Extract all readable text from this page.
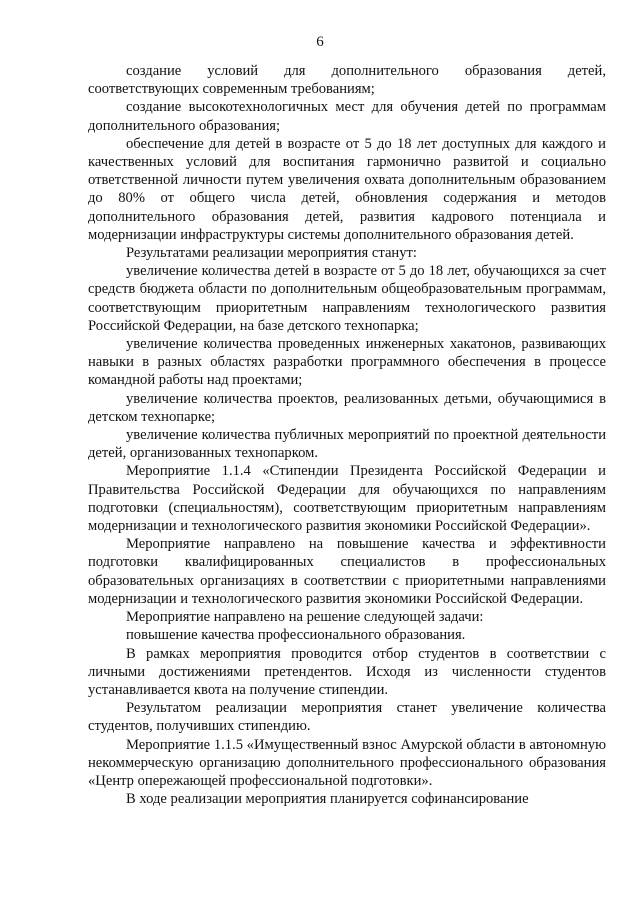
6

создание условий для дополнительного образования детей, соответствующих современным требованиям;

создание высокотехнологичных мест для обучения детей по программам дополнительного образования;

обеспечение для детей в возрасте от 5 до 18 лет доступных для каждого и качественных условий для воспитания гармонично развитой и социально ответственной личности путем увеличения охвата дополнительным образованием до 80% от общего числа детей, обновления содержания и методов дополнительного образования детей, развития кадрового потенциала и модернизации инфраструктуры системы дополнительного образования детей.

Результатами реализации мероприятия станут:

увеличение количества детей в возрасте от 5 до 18 лет, обучающихся за счет средств бюджета области по дополнительным общеобразовательным программам, соответствующим приоритетным направлениям технологического развития Российской Федерации, на базе детского технопарка;

увеличение количества проведенных инженерных хакатонов, развивающих навыки в разных областях разработки программного обеспечения в процессе командной работы над проектами;

увеличение количества проектов, реализованных детьми, обучающимися в детском технопарке;

увеличение количества публичных мероприятий по проектной деятельности детей, организованных технопарком.

Мероприятие 1.1.4 «Стипендии Президента Российской Федерации и Правительства Российской Федерации для обучающихся по направлениям подготовки (специальностям), соответствующим приоритетным направлениям модернизации и технологического развития экономики Российской Федерации».

Мероприятие направлено на повышение качества и эффективности подготовки квалифицированных специалистов в профессиональных образовательных организациях в соответствии с приоритетными направлениями модернизации и технологического развития экономики Российской Федерации.

Мероприятие направлено на решение следующей задачи:

повышение качества профессионального образования.

В рамках мероприятия проводится отбор студентов в соответствии с личными достижениями претендентов. Исходя из численности студентов устанавливается квота на получение стипендии.

Результатом реализации мероприятия станет увеличение количества студентов, получивших стипендию.

Мероприятие 1.1.5 «Имущественный взнос Амурской области в автономную некоммерческую организацию дополнительного профессионального образования «Центр опережающей профессиональной подготовки».

В ходе реализации мероприятия планируется софинансирование
